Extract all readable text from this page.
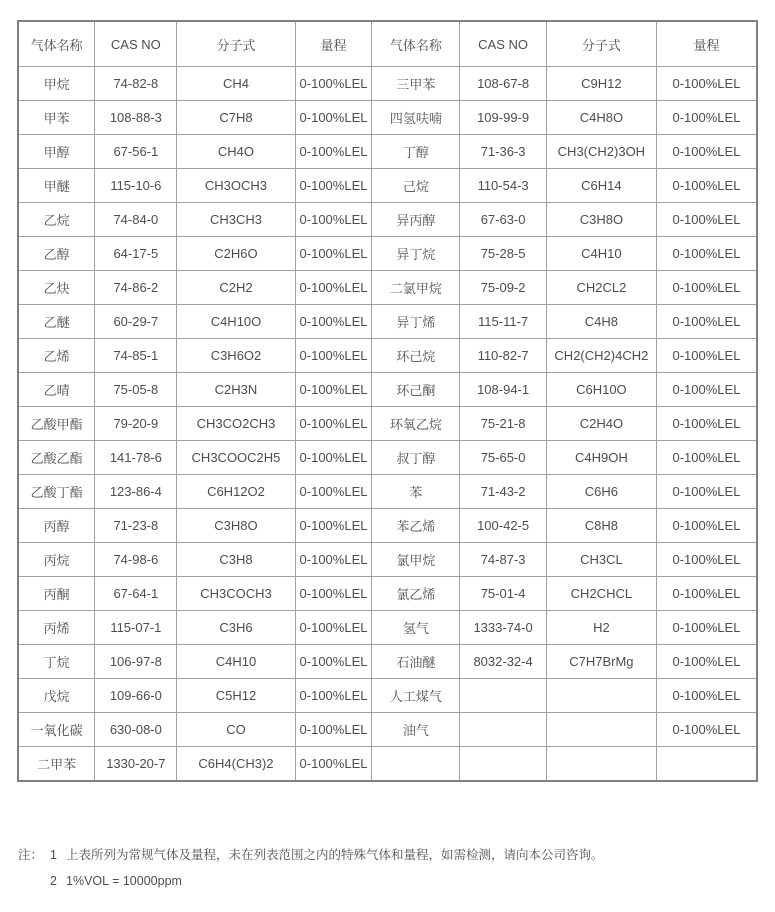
气体名称	CAS NO	分子式	量程	气体名称	CAS NO	分子式	量程
甲烷	74-82-8	CH4	0-100%LEL	三甲苯	108-67-8	C9H12	0-100%LEL
甲苯	108-88-3	C7H8	0-100%LEL	四氢呋喃	109-99-9	C4H8O	0-100%LEL
甲醇	67-56-1	CH4O	0-100%LEL	丁醇	71-36-3	CH3(CH2)3OH	0-100%LEL
甲醚	115-10-6	CH3OCH3	0-100%LEL	己烷	110-54-3	C6H14	0-100%LEL
乙烷	74-84-0	CH3CH3	0-100%LEL	异丙醇	67-63-0	C3H8O	0-100%LEL
乙醇	64-17-5	C2H6O	0-100%LEL	异丁烷	75-28-5	C4H10	0-100%LEL
乙炔	74-86-2	C2H2	0-100%LEL	二氯甲烷	75-09-2	CH2CL2	0-100%LEL
乙醚	60-29-7	C4H10O	0-100%LEL	异丁烯	115-11-7	C4H8	0-100%LEL
乙烯	74-85-1	C3H6O2	0-100%LEL	环己烷	110-82-7	CH2(CH2)4CH2	0-100%LEL
乙晴	75-05-8	C2H3N	0-100%LEL	环己酮	108-94-1	C6H10O	0-100%LEL
乙酸甲酯	79-20-9	CH3CO2CH3	0-100%LEL	环氧乙烷	75-21-8	C2H4O	0-100%LEL
乙酸乙酯	141-78-6	CH3COOC2H5	0-100%LEL	叔丁醇	75-65-0	C4H9OH	0-100%LEL
乙酸丁酯	123-86-4	C6H12O2	0-100%LEL	苯	71-43-2	C6H6	0-100%LEL
丙醇	71-23-8	C3H8O	0-100%LEL	苯乙烯	100-42-5	C8H8	0-100%LEL
丙烷	74-98-6	C3H8	0-100%LEL	氯甲烷	74-87-3	CH3CL	0-100%LEL
丙酮	67-64-1	CH3COCH3	0-100%LEL	氯乙烯	75-01-4	CH2CHCL	0-100%LEL
丙烯	115-07-1	C3H6	0-100%LEL	氢气	1333-74-0	H2	0-100%LEL
丁烷	106-97-8	C4H10	0-100%LEL	石油醚	8032-32-4	C7H7BrMg	0-100%LEL
戊烷	109-66-0	C5H12	0-100%LEL	人工煤气			0-100%LEL
一氧化碳	630-08-0	CO	0-100%LEL	油气			0-100%LEL
二甲苯	1330-20-7	C6H4(CH3)2	0-100%LEL				
注： 1 上表所列为常规气体及量程，未在列表范围之内的特殊气体和量程，如需检测，请向本公司咨询。
2 1%VOL = 10000ppm
